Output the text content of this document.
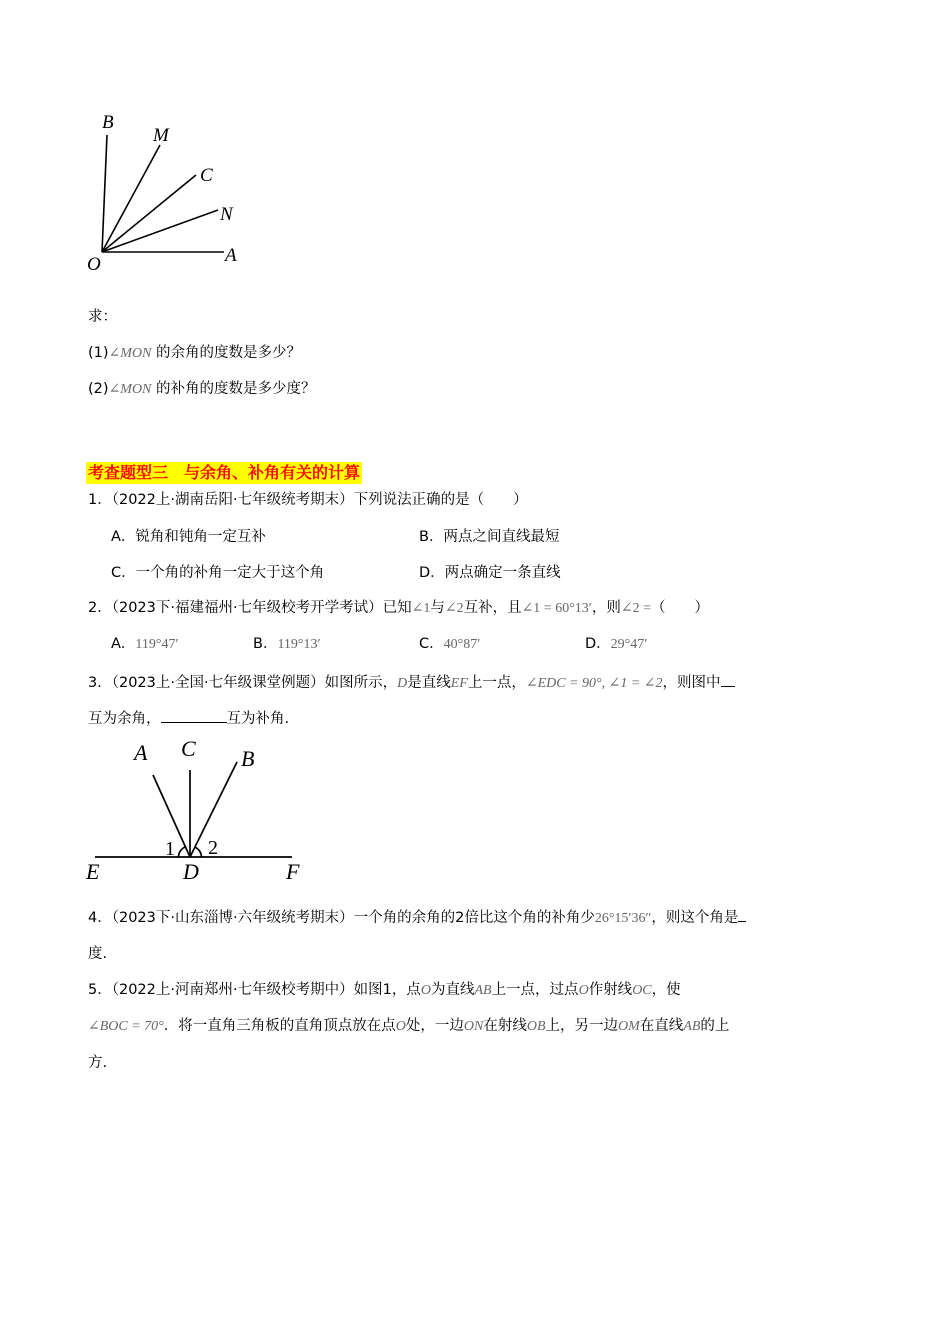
B
M
C
N
O	A
求：
(1)∠MON 的余角的度数是多少？
(2)∠MON 的补角的度数是多少度？
考查题型三　与余角、补角有关的计算
1．（2022上·湖南岳阳·七年级统考期末）下列说法正确的是（　　）
A．锐角和钝角一定互补	B．两点之间直线最短
C．一个角的补角一定大于这个角	D．两点确定一条直线
2．（2023下·福建福州·七年级校考开学考试）已知∠1与∠2互补，且∠1 = 60°13′，则∠2 =（　　）
A．119°47′	B．119°13′	C．40°87′	D．29°47′
3．（2023上·全国·七年级课堂例题）如图所示，D是直线EF上一点，∠EDC = 90°, ∠1 = ∠2，则图中
互为余角，	互为补角.
A C B
E	D	F
1 2
4．（2023下·山东淄博·六年级统考期末）一个角的余角的2倍比这个角的补角少26°15′36″，则这个角是
度.
5．（2022上·河南郑州·七年级校考期中）如图1，点O为直线AB上一点，过点O作射线OC，使
∠BOC = 70°．将一直角三角板的直角顶点放在点O处，一边ON在射线OB上，另一边OM在直线AB的上
方.
